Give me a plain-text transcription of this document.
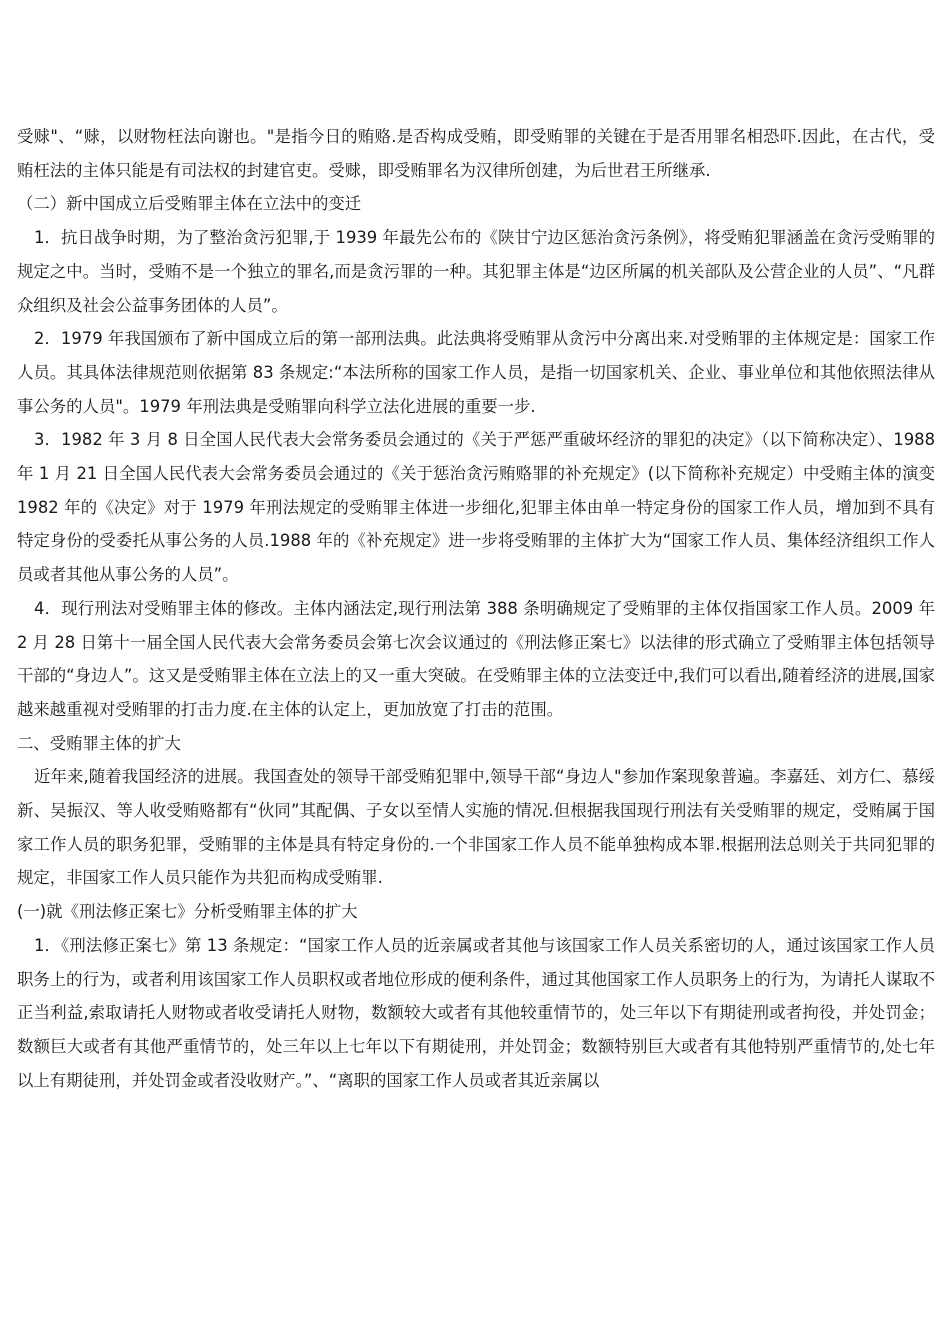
受赇"、“赇，以财物枉法向谢也。"是指今日的贿赂.是否构成受贿，即受贿罪的关键在于是否用罪名相恐吓.因此，在古代，受贿枉法的主体只能是有司法权的封建官吏。受赇，即受贿罪名为汉律所创建，为后世君王所继承.

（二）新中国成立后受贿罪主体在立法中的变迁

1．抗日战争时期，为了整治贪污犯罪,于 1939 年最先公布的《陕甘宁边区惩治贪污条例》，将受贿犯罪涵盖在贪污受贿罪的规定之中。当时，受贿不是一个独立的罪名,而是贪污罪的一种。其犯罪主体是“边区所属的机关部队及公营企业的人员”、“凡群众组织及社会公益事务团体的人员”。

2．1979 年我国颁布了新中国成立后的第一部刑法典。此法典将受贿罪从贪污中分离出来.对受贿罪的主体规定是：国家工作人员。其具体法律规范则依据第 83 条规定:“本法所称的国家工作人员，是指一切国家机关、企业、事业单位和其他依照法律从事公务的人员"。1979 年刑法典是受贿罪向科学立法化进展的重要一步.

3．1982 年 3 月 8 日全国人民代表大会常务委员会通过的《关于严惩严重破坏经济的罪犯的决定》（以下简称决定）、1988 年 1 月 21 日全国人民代表大会常务委员会通过的《关于惩治贪污贿赂罪的补充规定》(以下简称补充规定）中受贿主体的演变 1982 年的《决定》对于 1979 年刑法规定的受贿罪主体进一步细化,犯罪主体由单一特定身份的国家工作人员，增加到不具有特定身份的受委托从事公务的人员.1988 年的《补充规定》进一步将受贿罪的主体扩大为“国家工作人员、集体经济组织工作人员或者其他从事公务的人员”。

4．现行刑法对受贿罪主体的修改。主体内涵法定,现行刑法第 388 条明确规定了受贿罪的主体仅指国家工作人员。2009 年 2 月 28 日第十一届全国人民代表大会常务委员会第七次会议通过的《刑法修正案七》以法律的形式确立了受贿罪主体包括领导干部的“身边人”。这又是受贿罪主体在立法上的又一重大突破。在受贿罪主体的立法变迁中,我们可以看出,随着经济的进展,国家越来越重视对受贿罪的打击力度.在主体的认定上，更加放宽了打击的范围。

二、受贿罪主体的扩大

近年来,随着我国经济的进展。我国查处的领导干部受贿犯罪中,领导干部“身边人"参加作案现象普遍。李嘉廷、刘方仁、慕绥新、吴振汉、等人收受贿赂都有“伙同”其配偶、子女以至情人实施的情况.但根据我国现行刑法有关受贿罪的规定，受贿属于国家工作人员的职务犯罪，受贿罪的主体是具有特定身份的.一个非国家工作人员不能单独构成本罪.根据刑法总则关于共同犯罪的规定，非国家工作人员只能作为共犯而构成受贿罪.

(一)就《刑法修正案七》分析受贿罪主体的扩大

1．《刑法修正案七》第 13 条规定：“国家工作人员的近亲属或者其他与该国家工作人员关系密切的人，通过该国家工作人员职务上的行为，或者利用该国家工作人员职权或者地位形成的便利条件，通过其他国家工作人员职务上的行为，为请托人谋取不正当利益,索取请托人财物或者收受请托人财物，数额较大或者有其他较重情节的，处三年以下有期徒刑或者拘役，并处罚金；数额巨大或者有其他严重情节的，处三年以上七年以下有期徒刑，并处罚金；数额特别巨大或者有其他特别严重情节的,处七年以上有期徒刑，并处罚金或者没收财产。”、“离职的国家工作人员或者其近亲属以
